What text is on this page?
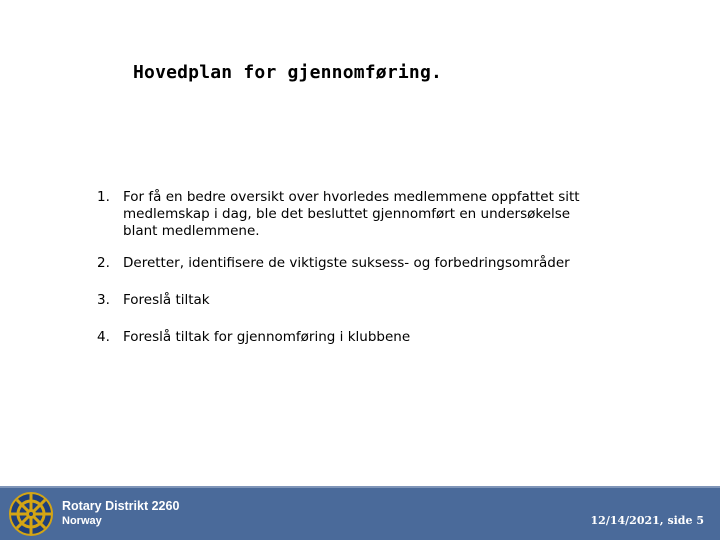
Hovedplan for gjennomføring.
1. For få en bedre oversikt over hvorledes medlemmene oppfattet sitt
medlemskap i dag, ble det besluttet gjennomført en undersøkelse
blant medlemmene.
2. Deretter, identifisere de viktigste suksess- og forbedringsområder
3. Foreslå tiltak
4. Foreslå tiltak for gjennomføring i klubbene
Rotary Distrikt 2260
Norway	12/14/2021, side 5
